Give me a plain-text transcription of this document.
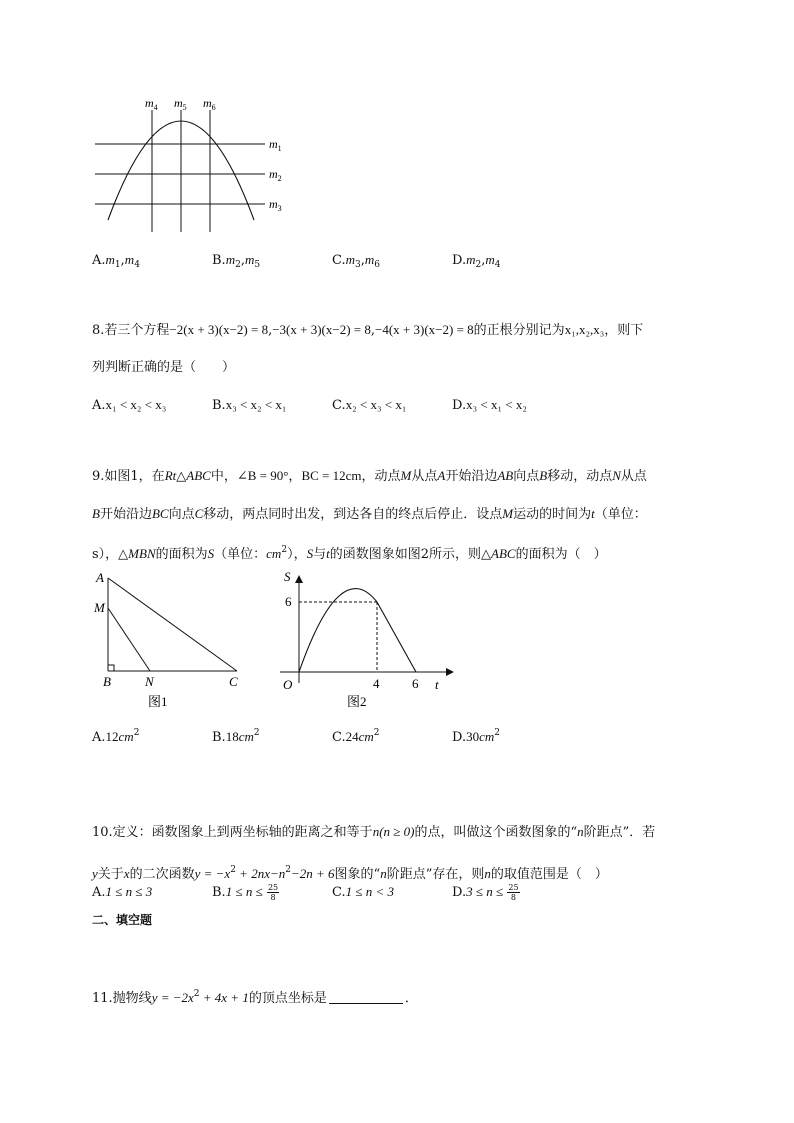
$m_4$ $m_5$ $m_6$
$m_1$
$m_2$
$m_3$
$A.m_1,m_4$	$B.m_2,m_5$	$C.m_3,m_6$	$D.m_2,m_4$
8.若三个方程−2(x + 3)(x−2) = 8,−3(x + 3)(x−2) = 8,−4(x + 3)(x−2) = 8的正根分别记为x₁,x₂,x₃，则下
列判断正确的是（　　）
A.x₁ < x₂ < x₃	B.x₃ < x₂ < x₁	C.x₂ < x₃ < x₁	D.x₃ < x₁ < x₂
9.如图1，在Rt△ABC中，∠B = 90°，BC = 12cm，动点M从点A开始沿边AB向点B移动，动点N从点
B开始沿边BC向点C移动，两点同时出发，到达各自的终点后停止．设点M运动的时间为t（单位：
s），△MBN的面积为S（单位：$cm^2$），S与t的函数图象如图2所示，则△ABC的面积为（　）
A
M
B	N	C
图1
S
t
O
6
4	6
图2
$A.12cm^2$	$B.18cm^2$	$C.24cm^2$	$D.30cm^2$
10.定义：函数图象上到两坐标轴的距离之和等于n(n ≥ 0)的点，叫做这个函数图象的“n阶距点”．若
y关于x的二次函数$y = -x^2 + 2nx-n^2-2n + 6$图象的“n阶距点”存在，则n的取值范围是（　）
A.1 ≤ n ≤ 3	$B.1 \le n \le \frac{25}{8}$	C.1 ≤ n < 3	$D.3 \le n \le \frac{25}{8}$
二、填空题
11.抛物线$y = -2x^2 + 4x + 1$的顶点坐标是	．
